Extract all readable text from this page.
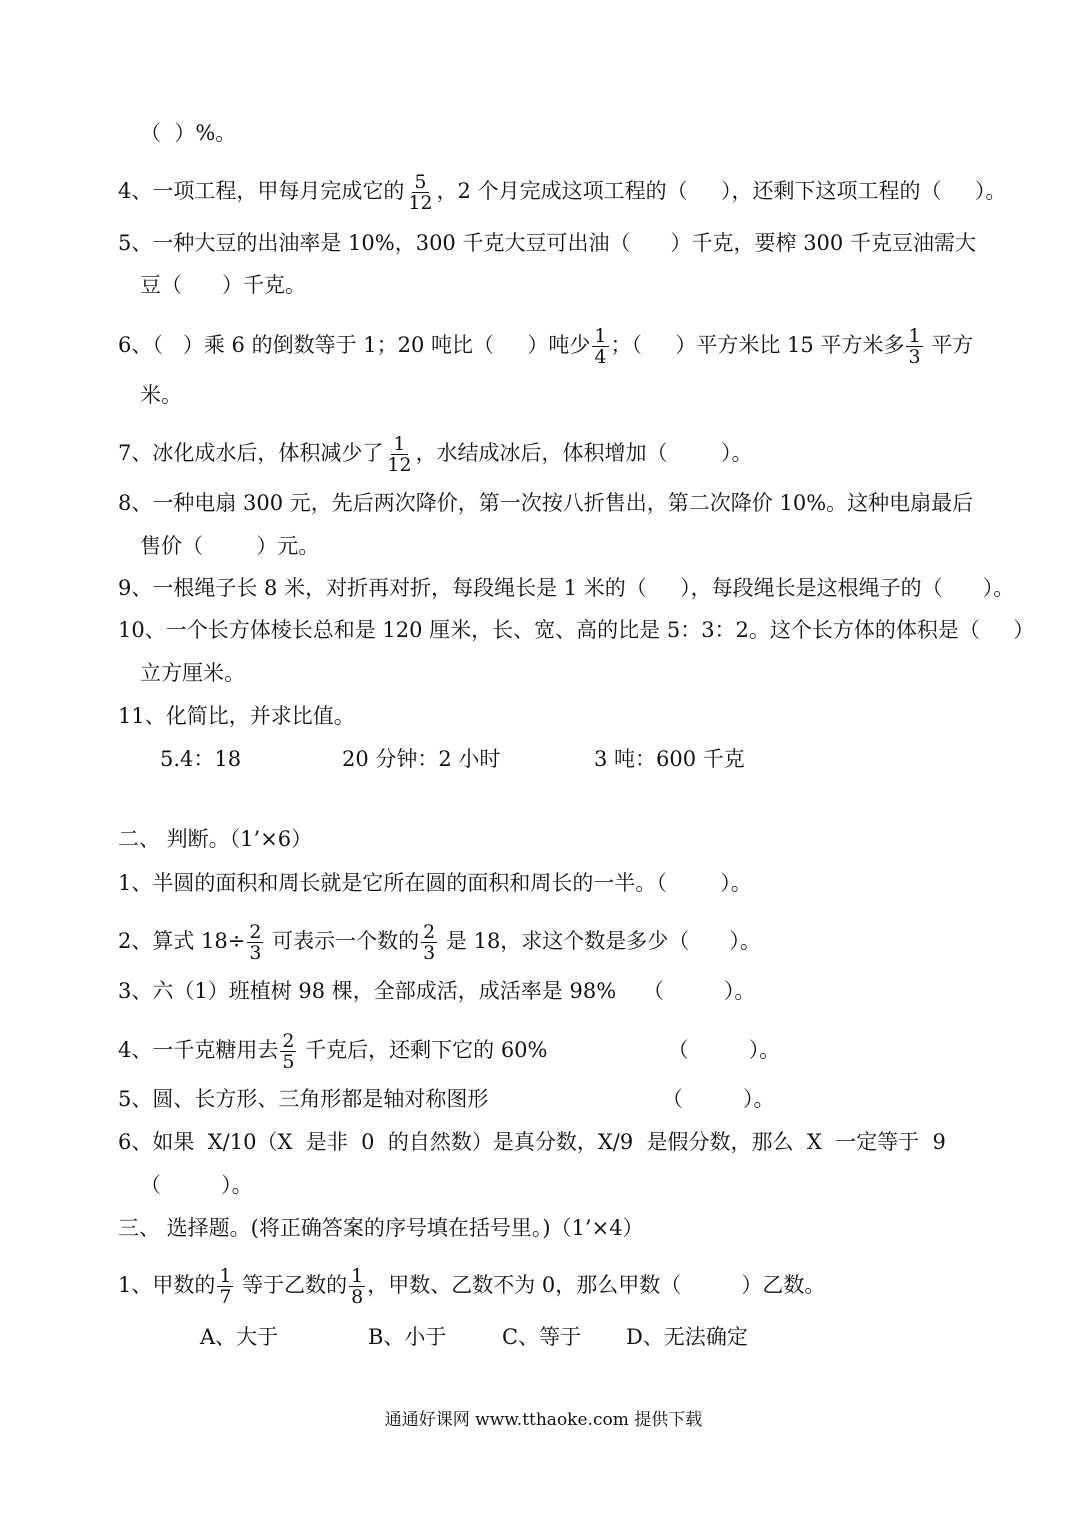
（  ）%。
4、一项工程，甲每月完成它的 $\frac{5}{12}$ ，2 个月完成这项工程的（     ），还剩下这项工程的（     ）。
5、一种大豆的出油率是 10%，300 千克大豆可出油（      ）千克，要榨 300 千克豆油需大
豆（      ）千克。
6、（   ）乘 6 的倒数等于 1；20 吨比（     ）吨少 $\frac{1}{4}$ ；（     ）平方米比 15 平方米多 $\frac{1}{3}$ 平方
米。
7、冰化成水后，体积减少了 $\frac{1}{12}$ ，水结成冰后，体积增加（        ）。
8、一种电扇 300 元，先后两次降价，第一次按八折售出，第二次降价 10%。这种电扇最后
售价（        ）元。
9、一根绳子长 8 米，对折再对折，每段绳长是 1 米的（     ），每段绳长是这根绳子的（      ）。
10、一个长方体棱长总和是 120 厘米，长、宽、高的比是 5：3：2。这个长方体的体积是（     ）
立方厘米。
11、化简比，并求比值。
5.4：18	20 分钟：2 小时	3 吨：600 千克
二、 判断。（1’×6）
1、半圆的面积和周长就是它所在圆的面积和周长的一半。（        ）。
2、算式 $18\div \frac{2}{3}$ 可表示一个数的 $\frac{2}{3}$ 是 18，求这个数是多少（      ）。
3、六（1）班植树 98 棵，全部成活，成活率是 98%    （         ）。
4、一千克糖用去 $\frac{2}{5}$ 千克后，还剩下它的 60%                  （         ）。
5、圆、长方形、三角形都是轴对称图形                          （         ）。
6、如果  X/10（X  是非  0  的自然数）是真分数，X/9  是假分数，那么  X  一定等于  9
（         ）。
三、 选择题。(将正确答案的序号填在括号里。)（1’×4）
1、甲数的 $\frac{1}{7}$ 等于乙数的 $\frac{1}{8}$ ，甲数、乙数不为 0，那么甲数（         ）乙数。
A、大于	B、小于	C、等于 D、无法确定
通通好课网 www.tthaoke.com 提供下载
